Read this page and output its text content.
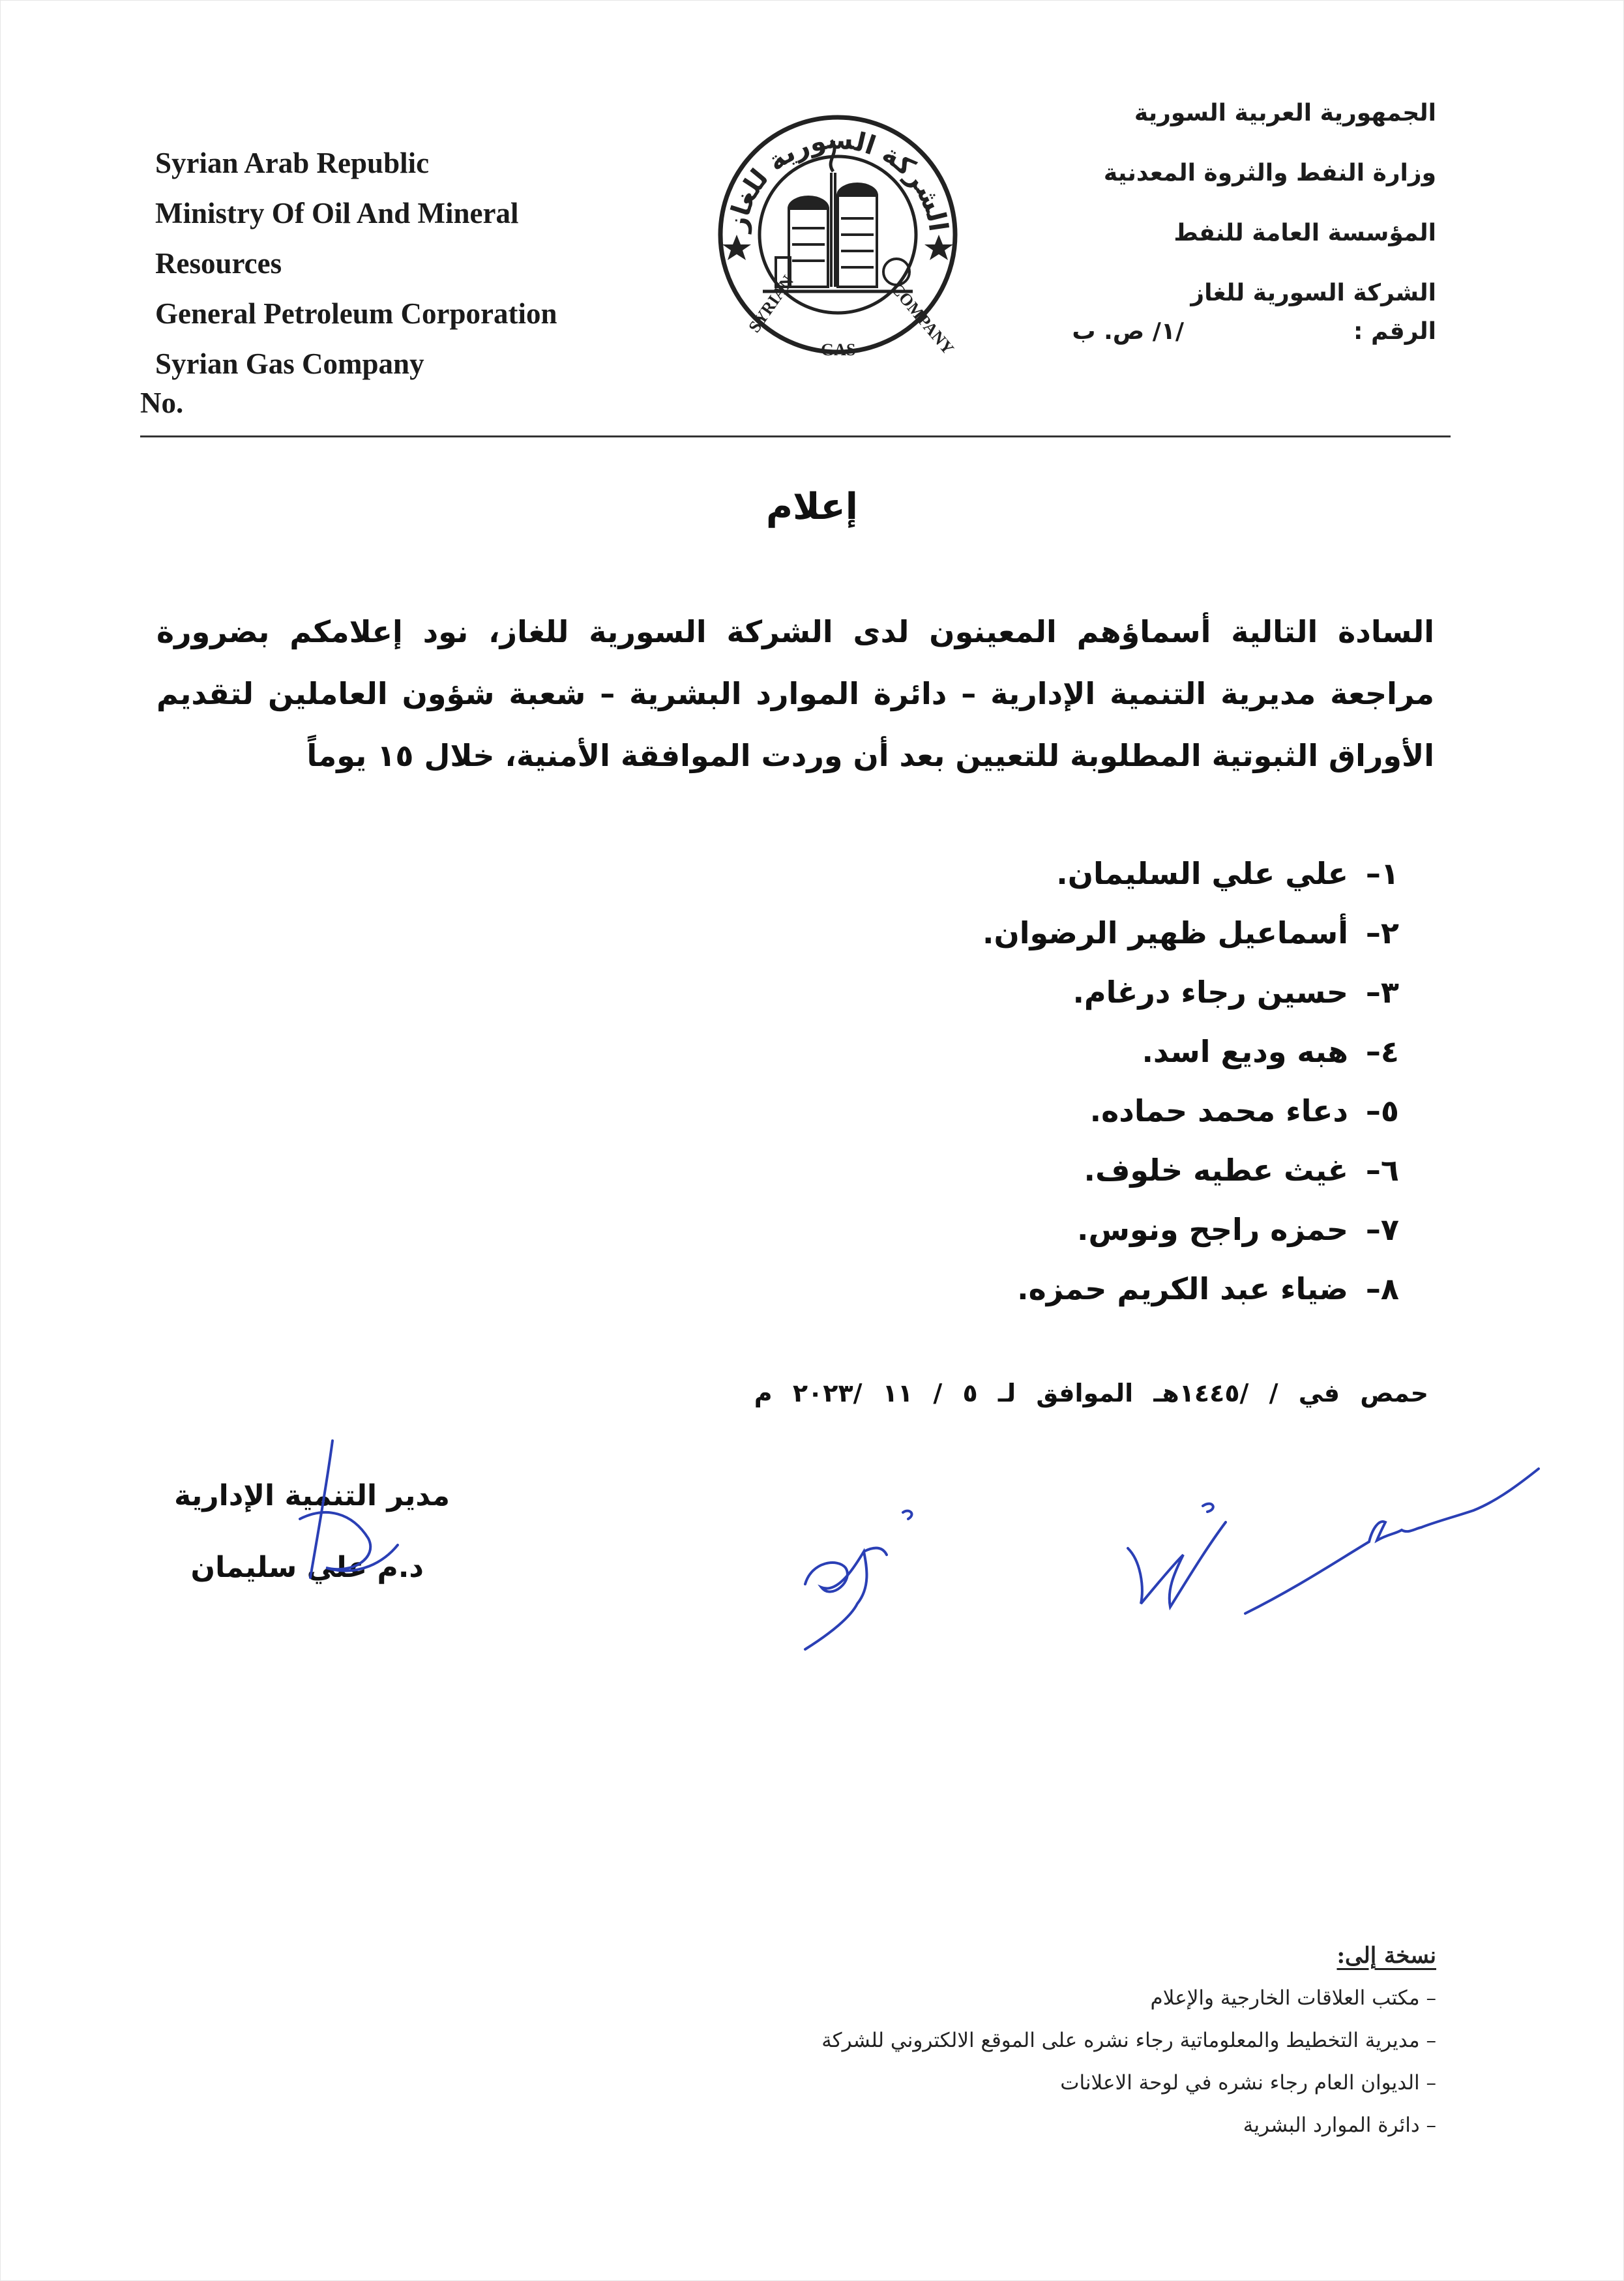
Syrian Arab Republic
Ministry Of Oil And Mineral
Resources
General Petroleum Corporation
Syrian Gas Company
No.
الشركة السورية للغاز
SYRIAN
GAS COMPANY
الجمهورية العربية السورية
وزارة النفط والثروة المعدنية
المؤسسة العامة للنفط
الشركة السورية للغاز
الرقم :/١/ ص. ب
إعلام
السادة التالية أسماؤهم المعينون لدى الشركة السورية للغاز، نود إعلامكم بضرورة مراجعة مديرية التنمية الإدارية – دائرة الموارد البشرية – شعبة شؤون العاملين لتقديم الأوراق الثبوتية المطلوبة للتعيين بعد أن وردت الموافقة الأمنية، خلال ١٥ يوماً
١–علي علي السليمان.
٢–أسماعيل ظهير الرضوان.
٣–حسين رجاء درغام.
٤–هبه وديع اسد.
٥–دعاء محمد حماده.
٦–غيث عطيه خلوف.
٧–حمزه راجح ونوس.
٨–ضياء عبد الكريم حمزه.
حمص في / /١٤٤٥هـ الموافق لـ ٥ / ١١ /٢٠٢٣ م
مدير التنمية الإدارية
د.م علي سليمان
نسخة إلى:
– مكتب العلاقات الخارجية والإعلام
– مديرية التخطيط والمعلوماتية رجاء نشره على الموقع الالكتروني للشركة
– الديوان العام رجاء نشره في لوحة الاعلانات
– دائرة الموارد البشرية
